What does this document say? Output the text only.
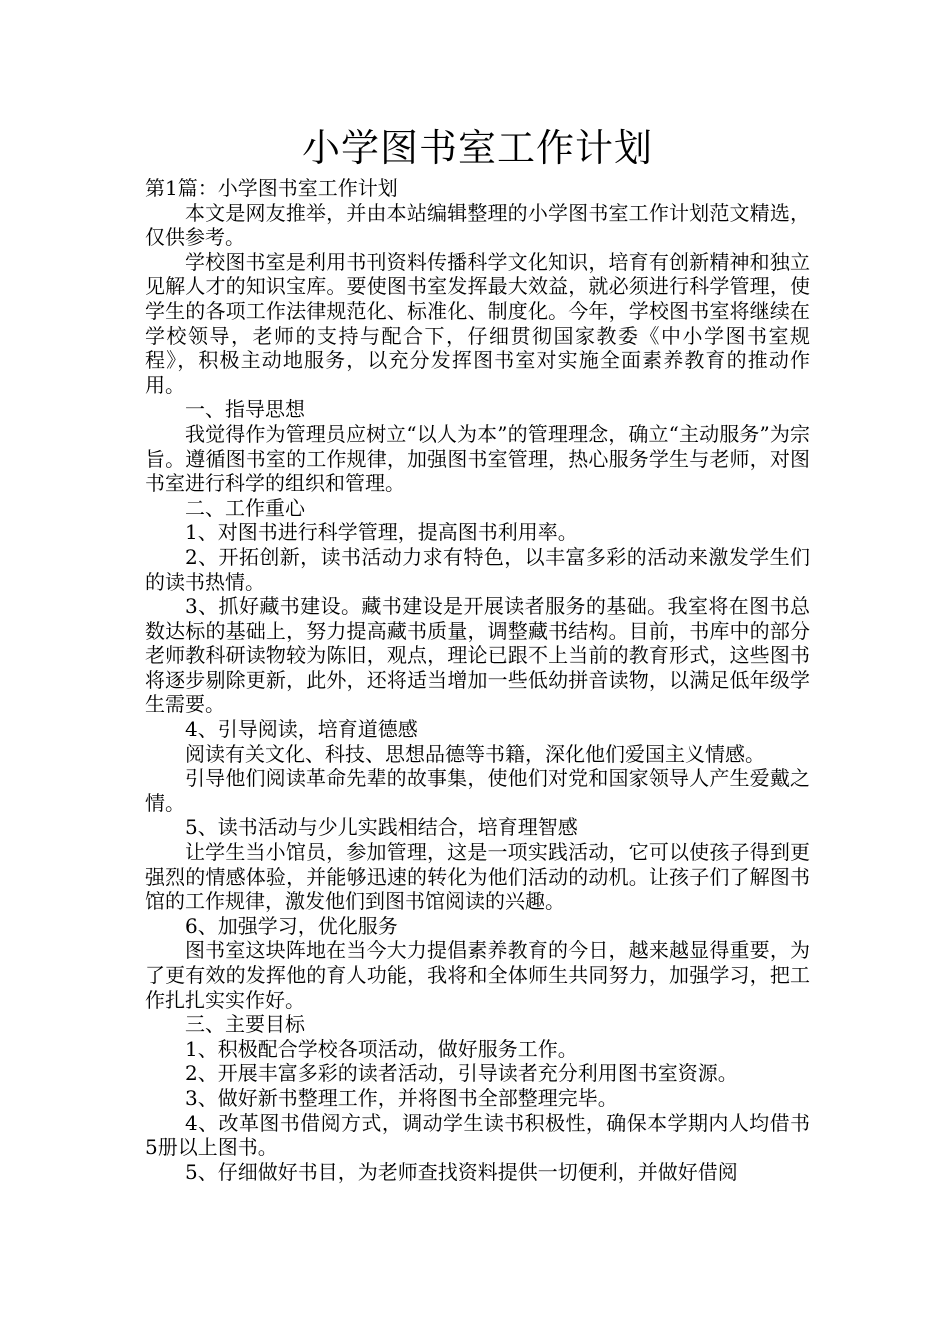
小学图书室工作计划

第1篇：小学图书室工作计划

本文是网友推举，并由本站编辑整理的小学图书室工作计划范文精选，仅供参考。

学校图书室是利用书刊资料传播科学文化知识，培育有创新精神和独立见解人才的知识宝库。要使图书室发挥最大效益，就必须进行科学管理，使学生的各项工作法律规范化、标准化、制度化。今年，学校图书室将继续在学校领导，老师的支持与配合下，仔细贯彻国家教委《中小学图书室规程》，积极主动地服务，以充分发挥图书室对实施全面素养教育的推动作用。

一、指导思想

我觉得作为管理员应树立“以人为本”的管理理念，确立“主动服务”为宗旨。遵循图书室的工作规律，加强图书室管理，热心服务学生与老师，对图书室进行科学的组织和管理。

二、工作重心

1、对图书进行科学管理，提高图书利用率。

2、开拓创新，读书活动力求有特色，以丰富多彩的活动来激发学生们的读书热情。

3、抓好藏书建设。藏书建设是开展读者服务的基础。我室将在图书总数达标的基础上，努力提高藏书质量，调整藏书结构。目前，书库中的部分老师教科研读物较为陈旧，观点，理论已跟不上当前的教育形式，这些图书将逐步剔除更新，此外，还将适当增加一些低幼拼音读物，以满足低年级学生需要。

4、引导阅读，培育道德感

阅读有关文化、科技、思想品德等书籍，深化他们爱国主义情感。

引导他们阅读革命先辈的故事集，使他们对党和国家领导人产生爱戴之情。

5、读书活动与少儿实践相结合，培育理智感

让学生当小馆员，参加管理，这是一项实践活动，它可以使孩子得到更强烈的情感体验，并能够迅速的转化为他们活动的动机。让孩子们了解图书馆的工作规律，激发他们到图书馆阅读的兴趣。

6、加强学习，优化服务

图书室这块阵地在当今大力提倡素养教育的今日，越来越显得重要，为了更有效的发挥他的育人功能，我将和全体师生共同努力，加强学习，把工作扎扎实实作好。

三、主要目标

1、积极配合学校各项活动，做好服务工作。

2、开展丰富多彩的读者活动，引导读者充分利用图书室资源。

3、做好新书整理工作，并将图书全部整理完毕。

4、改革图书借阅方式，调动学生读书积极性，确保本学期内人均借书5册以上图书。

5、仔细做好书目，为老师查找资料提供一切便利，并做好借阅
